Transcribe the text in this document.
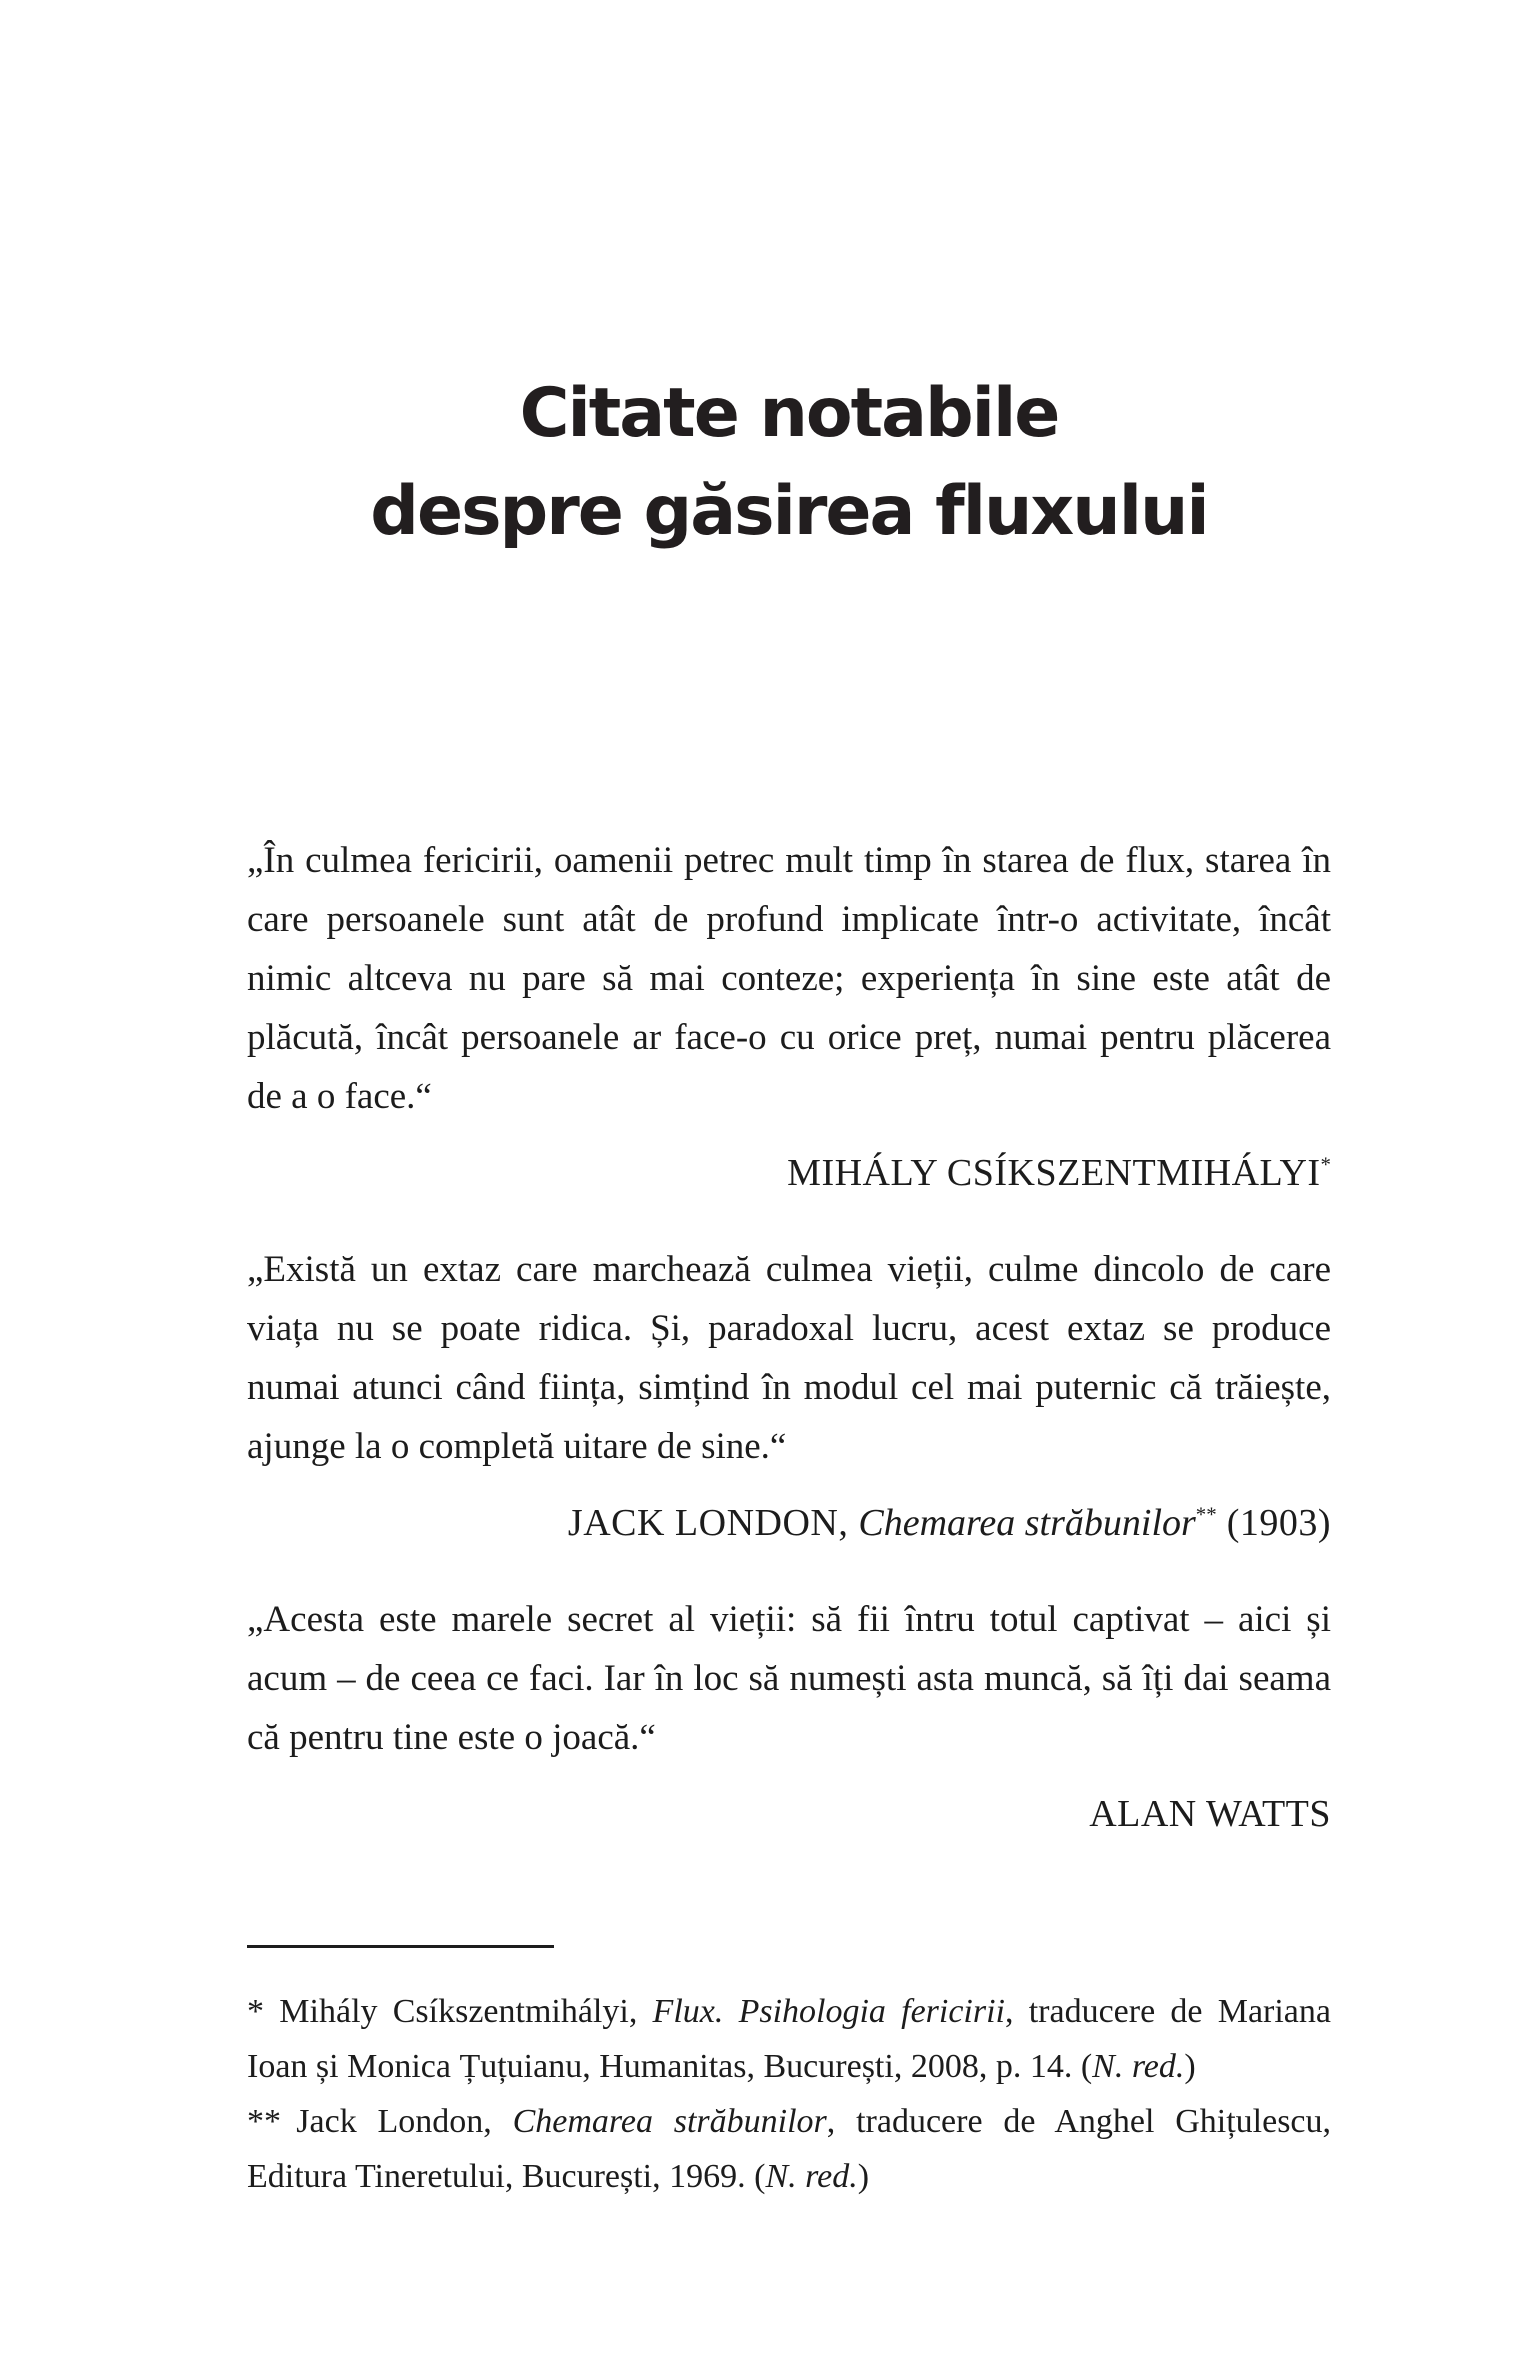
Citate notabile
despre găsirea fluxului

„În culmea fericirii, oamenii petrec mult timp în starea de flux, starea în care persoanele sunt atât de profund implicate într-o activitate, încât nimic altceva nu pare să mai conteze; experiența în sine este atât de plăcută, încât persoanele ar face-o cu orice preț, numai pentru plăcerea de a o face.“

MIHÁLY CSÍKSZENTMIHÁLYI*

„Există un extaz care marchează culmea vieții, culme dincolo de care viața nu se poate ridica. Și, paradoxal lucru, acest extaz se produce numai atunci când ființa, simțind în modul cel mai puternic că trăiește, ajunge la o completă uitare de sine.“

JACK LONDON, Chemarea străbunilor** (1903)

„Acesta este marele secret al vieții: să fii întru totul captivat – aici și acum – de ceea ce faci. Iar în loc să numești asta muncă, să îți dai seama că pentru tine este o joacă.“

ALAN WATTS

* Mihály Csíkszentmihályi, Flux. Psihologia fericirii, traducere de Mariana Ioan și Monica Țuțuianu, Humanitas, București, 2008, p. 14. (N. red.)

** Jack London, Chemarea străbunilor, traducere de Anghel Ghițulescu, Editura Tineretului, București, 1969. (N. red.)
